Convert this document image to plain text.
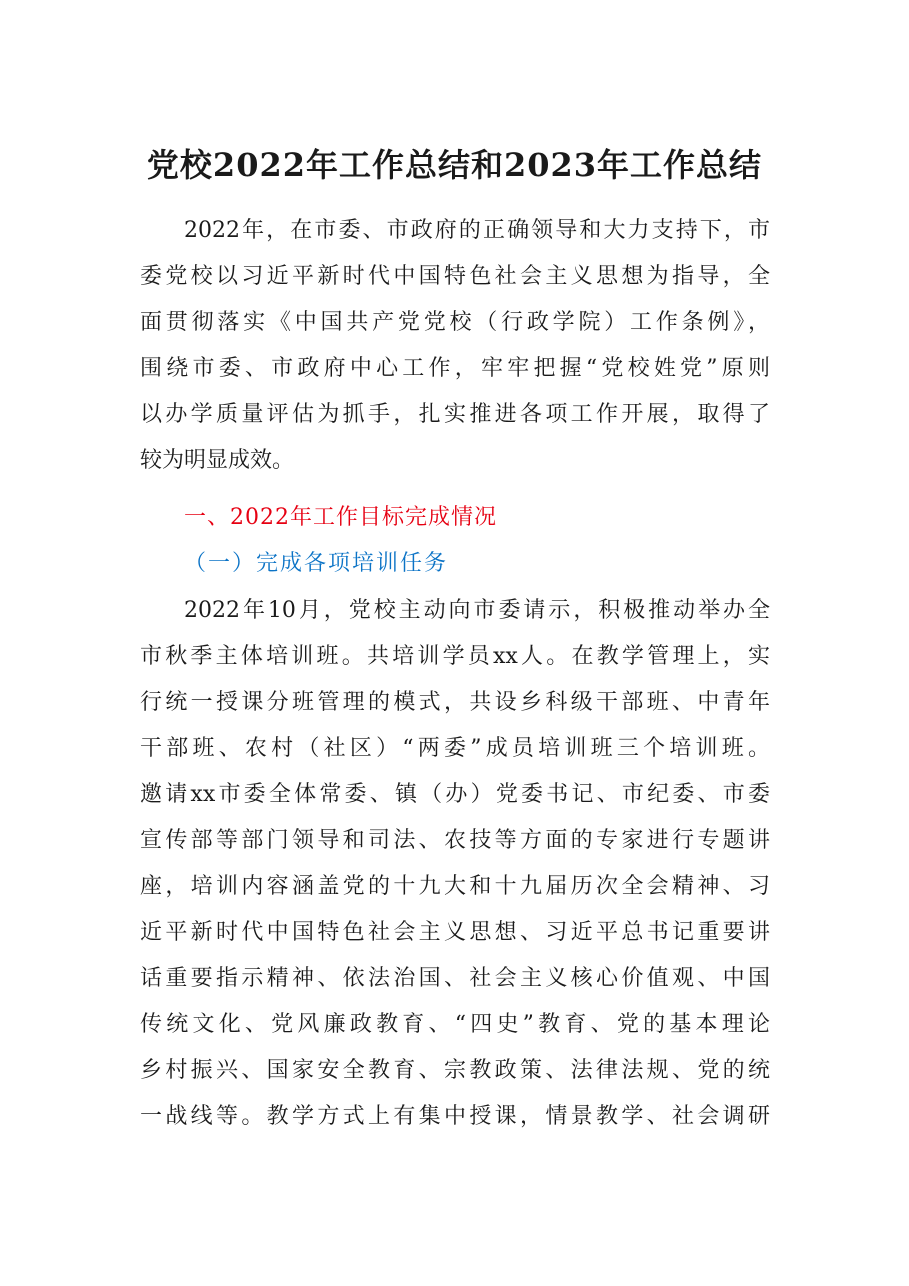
党校2022年工作总结和2023年工作总结
2022年，在市委、市政府的正确领导和大力支持下，市
委党校以习近平新时代中国特色社会主义思想为指导，全
面贯彻落实《中国共产党党校（行政学院）工作条例》，
围绕市委、市政府中心工作，牢牢把握“党校姓党”原则
以办学质量评估为抓手，扎实推进各项工作开展，取得了
较为明显成效。
一、2022年工作目标完成情况
（一）完成各项培训任务
2022年10月，党校主动向市委请示，积极推动举办全
市秋季主体培训班。共培训学员xx人。在教学管理上，实
行统一授课分班管理的模式，共设乡科级干部班、中青年
干部班、农村（社区）“两委”成员培训班三个培训班。
邀请xx市委全体常委、镇（办）党委书记、市纪委、市委
宣传部等部门领导和司法、农技等方面的专家进行专题讲
座，培训内容涵盖党的十九大和十九届历次全会精神、习
近平新时代中国特色社会主义思想、习近平总书记重要讲
话重要指示精神、依法治国、社会主义核心价值观、中国
传统文化、党风廉政教育、“四史”教育、党的基本理论
乡村振兴、国家安全教育、宗教政策、法律法规、党的统
一战线等。教学方式上有集中授课，情景教学、社会调研
